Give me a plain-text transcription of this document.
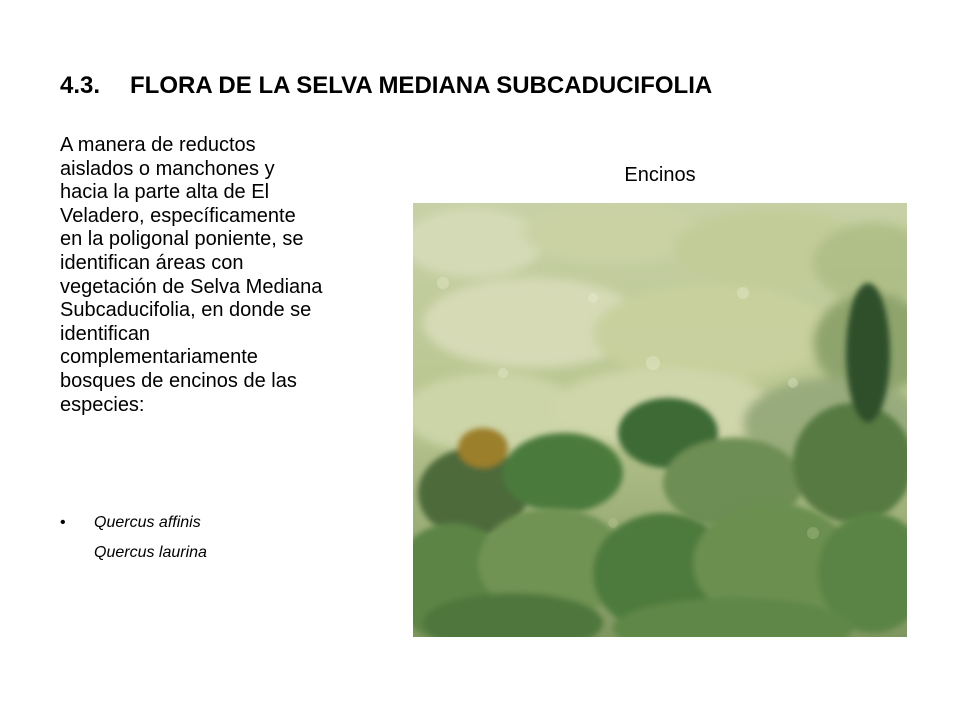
4.3. FLORA DE LA SELVA MEDIANA SUBCADUCIFOLIA

A manera de reductos
aislados o manchones y
hacia la parte alta de El
Veladero, específicamente
en la poligonal poniente, se
identifican áreas con
vegetación de Selva Mediana
Subcaducifolia, en donde se
identifican
complementariamente
bosques de encinos de las
especies:

• Quercus affinis
Quercus laurina
Encinos
